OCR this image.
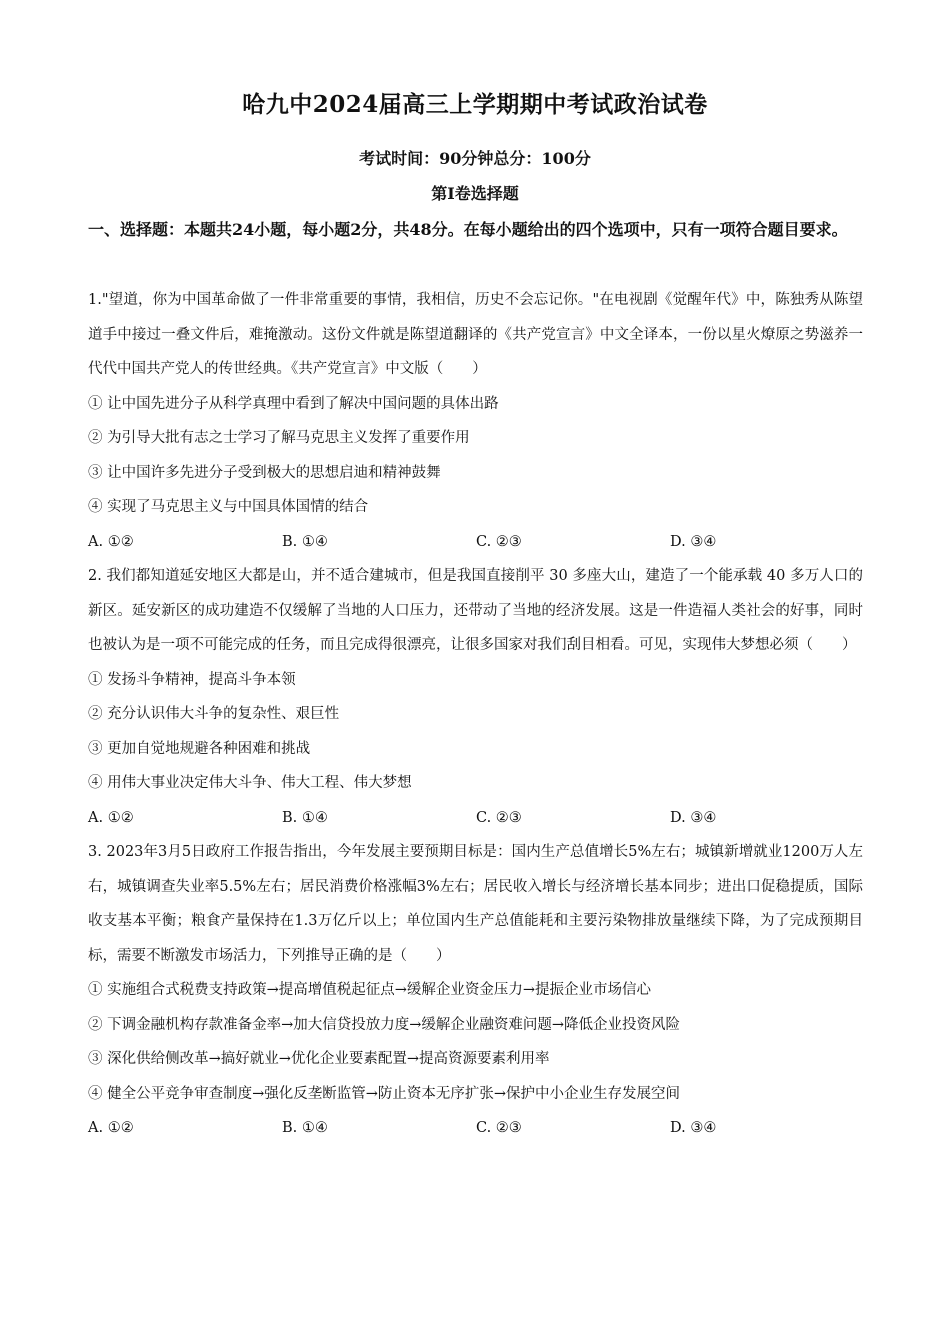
哈九中2024届高三上学期期中考试政治试卷
考试时间：90分钟总分：100分
第Ⅰ卷选择题
一、选择题：本题共24小题，每小题2分，共48分。在每小题给出的四个选项中，只有一项符合题目要求。
1."望道，你为中国革命做了一件非常重要的事情，我相信，历史不会忘记你。"在电视剧《觉醒年代》中，陈独秀从陈望道手中接过一叠文件后，难掩激动。这份文件就是陈望道翻译的《共产党宣言》中文全译本，一份以星火燎原之势滋养一代代中国共产党人的传世经典。《共产党宣言》中文版（　　）
① 让中国先进分子从科学真理中看到了解决中国问题的具体出路
② 为引导大批有志之士学习了解马克思主义发挥了重要作用
③ 让中国许多先进分子受到极大的思想启迪和精神鼓舞
④ 实现了马克思主义与中国具体国情的结合
A. ①②	B. ①④	C. ②③	D. ③④
2. 我们都知道延安地区大都是山，并不适合建城市，但是我国直接削平 30 多座大山，建造了一个能承载 40 多万人口的新区。延安新区的成功建造不仅缓解了当地的人口压力，还带动了当地的经济发展。这是一件造福人类社会的好事，同时也被认为是一项不可能完成的任务，而且完成得很漂亮，让很多国家对我们刮目相看。可见，实现伟大梦想必须（　　）
① 发扬斗争精神，提高斗争本领
② 充分认识伟大斗争的复杂性、艰巨性
③ 更加自觉地规避各种困难和挑战
④ 用伟大事业决定伟大斗争、伟大工程、伟大梦想
A. ①②	B. ①④	C. ②③	D. ③④
3. 2023年3月5日政府工作报告指出，今年发展主要预期目标是：国内生产总值增长5%左右；城镇新增就业1200万人左右，城镇调查失业率5.5%左右；居民消费价格涨幅3%左右；居民收入增长与经济增长基本同步；进出口促稳提质，国际收支基本平衡；粮食产量保持在1.3万亿斤以上；单位国内生产总值能耗和主要污染物排放量继续下降，为了完成预期目标，需要不断激发市场活力，下列推导正确的是（　　）
① 实施组合式税费支持政策→提高增值税起征点→缓解企业资金压力→提振企业市场信心
② 下调金融机构存款准备金率→加大信贷投放力度→缓解企业融资难问题→降低企业投资风险
③ 深化供给侧改革→搞好就业→优化企业要素配置→提高资源要素利用率
④ 健全公平竞争审查制度→强化反垄断监管→防止资本无序扩张→保护中小企业生存发展空间
A. ①②	B. ①④	C. ②③	D. ③④
